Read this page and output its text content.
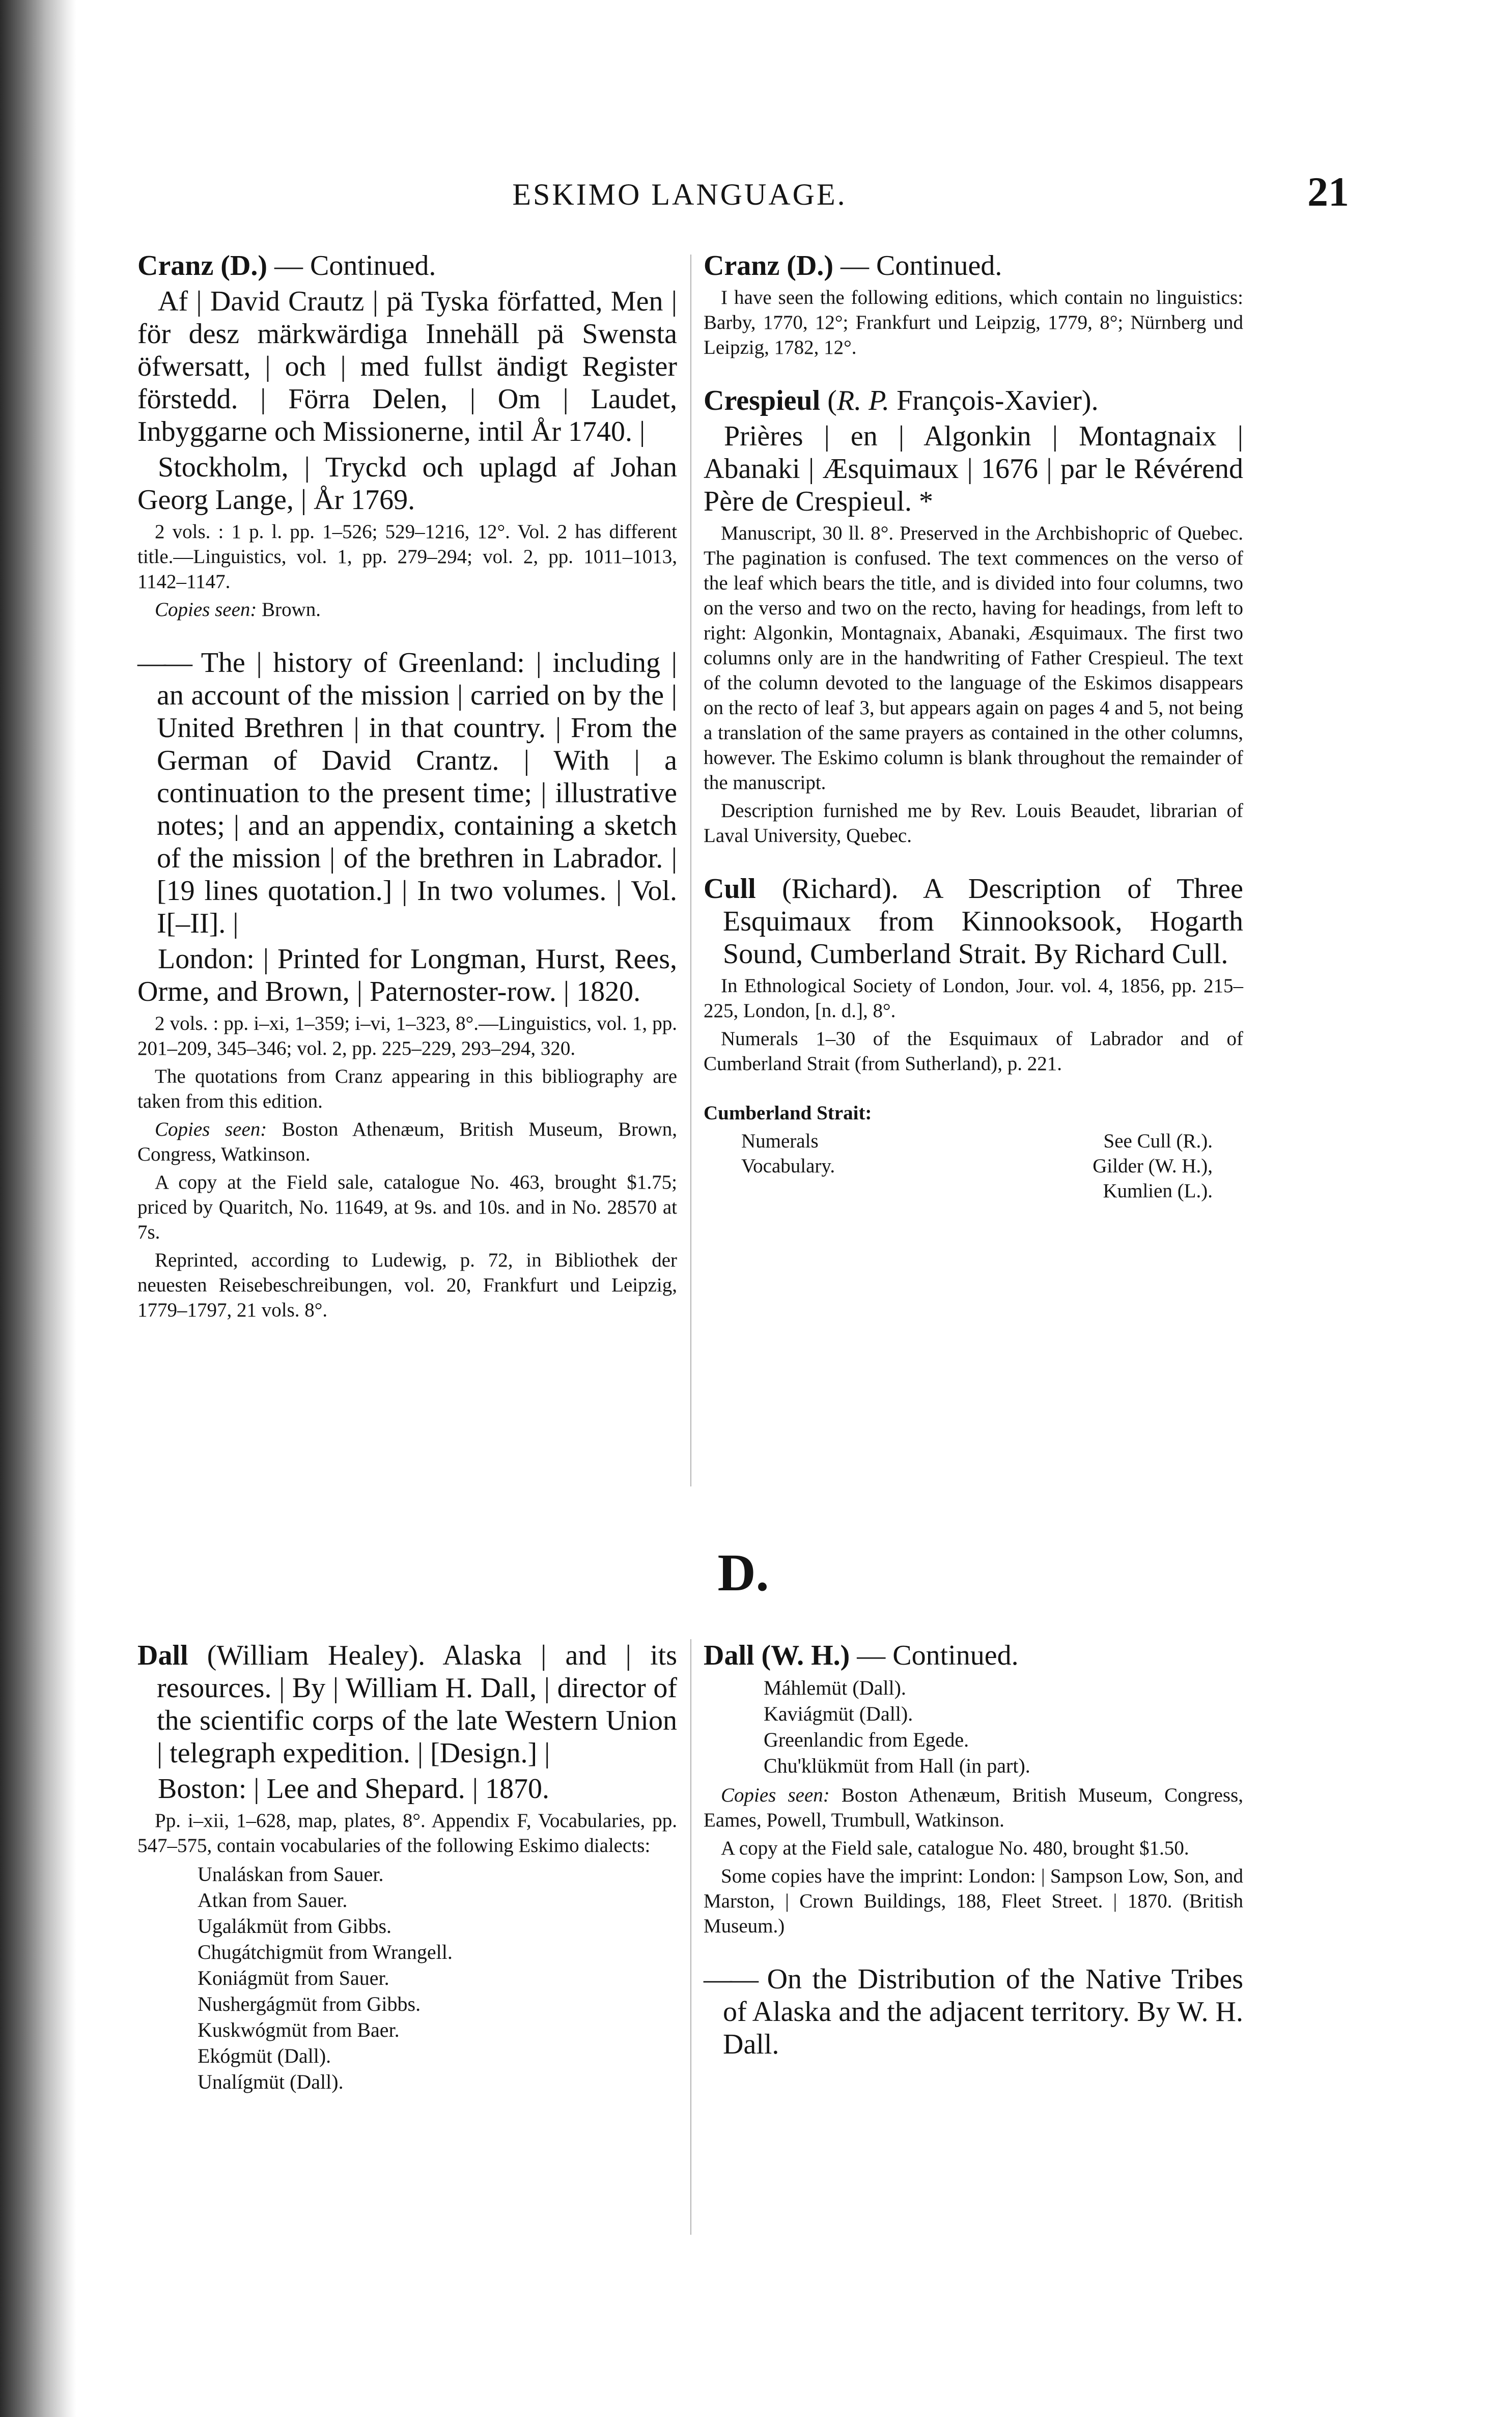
ESKIMO LANGUAGE.	21

Cranz (D.) — Continued.

Af | David Crautz | pä Tyska författed, Men | för desz märkwärdiga Innehäll pä Swensta öfwersatt, | och | med fullst ändigt Register förstedd. | Förra Delen, | Om | Laudet, Inbyggarne och Missionerne, intil År 1740. |

Stockholm, | Tryckd och uplagd af Johan Georg Lange, | År 1769.

2 vols. : 1 p. l. pp. 1–526; 529–1216, 12°. Vol. 2 has different title.—Linguistics, vol. 1, pp. 279–294; vol. 2, pp. 1011–1013, 1142–1147.

Copies seen: Brown.

—— The | history of Greenland: | including | an account of the mission | carried on by the | United Brethren | in that country. | From the German of David Crantz. | With | a continuation to the present time; | illustrative notes; | and an appendix, containing a sketch of the mission | of the brethren in Labrador. | [19 lines quotation.] | In two volumes. | Vol. I[–II]. |

London: | Printed for Longman, Hurst, Rees, Orme, and Brown, | Paternoster-row. | 1820.

2 vols. : pp. i–xi, 1–359; i–vi, 1–323, 8°.—Linguistics, vol. 1, pp. 201–209, 345–346; vol. 2, pp. 225–229, 293–294, 320.

The quotations from Cranz appearing in this bibliography are taken from this edition.

Copies seen: Boston Athenæum, British Museum, Brown, Congress, Watkinson.

A copy at the Field sale, catalogue No. 463, brought $1.75; priced by Quaritch, No. 11649, at 9s. and 10s. and in No. 28570 at 7s.

Reprinted, according to Ludewig, p. 72, in Bibliothek der neuesten Reisebeschreibungen, vol. 20, Frankfurt und Leipzig, 1779–1797, 21 vols. 8°.

Cranz (D.) — Continued.

I have seen the following editions, which contain no linguistics: Barby, 1770, 12°; Frankfurt und Leipzig, 1779, 8°; Nürnberg und Leipzig, 1782, 12°.

Crespieul (R. P. François-Xavier).

Prières | en | Algonkin | Montagnaix | Abanaki | Æsquimaux | 1676 | par le Révérend Père de Crespieul. *

Manuscript, 30 ll. 8°. Preserved in the Archbishopric of Quebec. The pagination is confused. The text commences on the verso of the leaf which bears the title, and is divided into four columns, two on the verso and two on the recto, having for headings, from left to right: Algonkin, Montagnaix, Abanaki, Æsquimaux. The first two columns only are in the handwriting of Father Crespieul. The text of the column devoted to the language of the Eskimos disappears on the recto of leaf 3, but appears again on pages 4 and 5, not being a translation of the same prayers as contained in the other columns, however. The Eskimo column is blank throughout the remainder of the manuscript.

Description furnished me by Rev. Louis Beaudet, librarian of Laval University, Quebec.

Cull (Richard). A Description of Three Esquimaux from Kinnooksook, Hogarth Sound, Cumberland Strait. By Richard Cull.

In Ethnological Society of London, Jour. vol. 4, 1856, pp. 215–225, London, [n. d.], 8°.

Numerals 1–30 of the Esquimaux of Labrador and of Cumberland Strait (from Sutherland), p. 221.

Cumberland Strait:

Numerals	See Cull (R.).
Vocabulary.	Gilder (W. H.),
Kumlien (L.).
D.

Dall (William Healey). Alaska | and | its resources. | By | William H. Dall, | director of the scientific corps of the late Western Union | telegraph expedition. | [Design.] |

Boston: | Lee and Shepard. | 1870.

Pp. i–xii, 1–628, map, plates, 8°. Appendix F, Vocabularies, pp. 547–575, contain vocabularies of the following Eskimo dialects:

Unaláskan from Sauer.
Atkan from Sauer.
Ugalákmüt from Gibbs.
Chugátchigmüt from Wrangell.
Koniágmüt from Sauer.
Nushergágmüt from Gibbs.
Kuskwógmüt from Baer.
Ekógmüt (Dall).
Unalígmüt (Dall).

Dall (W. H.) — Continued.

Máhlemüt (Dall).
Kaviágmüt (Dall).
Greenlandic from Egede.
Chu'klükmüt from Hall (in part).

Copies seen: Boston Athenæum, British Museum, Congress, Eames, Powell, Trumbull, Watkinson.

A copy at the Field sale, catalogue No. 480, brought $1.50.

Some copies have the imprint: London: | Sampson Low, Son, and Marston, | Crown Buildings, 188, Fleet Street. | 1870. (British Museum.)

—— On the Distribution of the Native Tribes of Alaska and the adjacent territory. By W. H. Dall.
